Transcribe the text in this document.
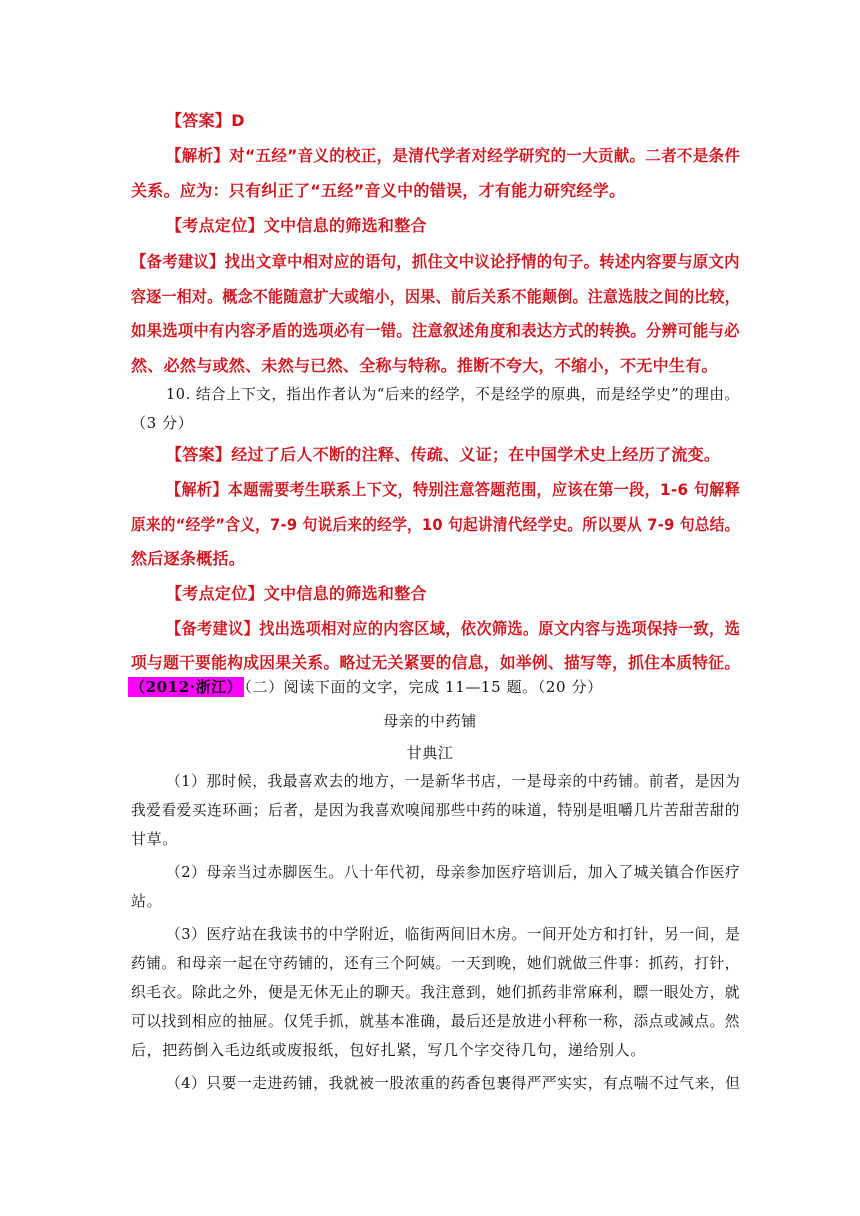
【答案】D
【解析】对“五经”音义的校正，是清代学者对经学研究的一大贡献。二者不是条件
关系。应为：只有纠正了“五经”音义中的错误，才有能力研究经学。
【考点定位】文中信息的筛选和整合
【备考建议】找出文章中相对应的语句，抓住文中议论抒情的句子。转述内容要与原文内
容逐一相对。概念不能随意扩大或缩小，因果、前后关系不能颠倒。注意选肢之间的比较，
如果选项中有内容矛盾的选项必有一错。注意叙述角度和表达方式的转换。分辨可能与必
然、必然与或然、未然与已然、全称与特称。推断不夸大，不缩小，不无中生有。
10. 结合上下文，指出作者认为“后来的经学，不是经学的原典，而是经学史”的理由。
（3 分）
【答案】经过了后人不断的注释、传疏、义证；在中国学术史上经历了流变。
【解析】本题需要考生联系上下文，特别注意答题范围，应该在第一段，1-6 句解释
原来的“经学”含义，7-9 句说后来的经学，10 句起讲清代经学史。所以要从 7-9 句总结。
然后逐条概括。
【考点定位】文中信息的筛选和整合
【备考建议】找出选项相对应的内容区域，依次筛选。原文内容与选项保持一致，选
项与题干要能构成因果关系。略过无关紧要的信息，如举例、描写等，抓住本质特征。
（2012·浙江） （二）阅读下面的文字，完成 11—15 题。（20 分）
母亲的中药铺
甘典江
（1）那时候，我最喜欢去的地方，一是新华书店，一是母亲的中药铺。前者，是因为
我爱看爱买连环画；后者，是因为我喜欢嗅闻那些中药的味道，特别是咀嚼几片苦甜苦甜的
甘草。
（2）母亲当过赤脚医生。八十年代初，母亲参加医疗培训后，加入了城关镇合作医疗
站。
（3）医疗站在我读书的中学附近，临街两间旧木房。一间开处方和打针，另一间，是
药铺。和母亲一起在守药铺的，还有三个阿姨。一天到晚，她们就做三件事：抓药，打针，
织毛衣。除此之外，便是无休无止的聊天。我注意到，她们抓药非常麻利，瞟一眼处方，就
可以找到相应的抽屉。仅凭手抓，就基本准确，最后还是放进小秤称一称，添点或减点。然
后，把药倒入毛边纸或废报纸，包好扎紧，写几个字交待几句，递给别人。
（4）只要一走进药铺，我就被一股浓重的药香包裹得严严实实，有点喘不过气来，但
